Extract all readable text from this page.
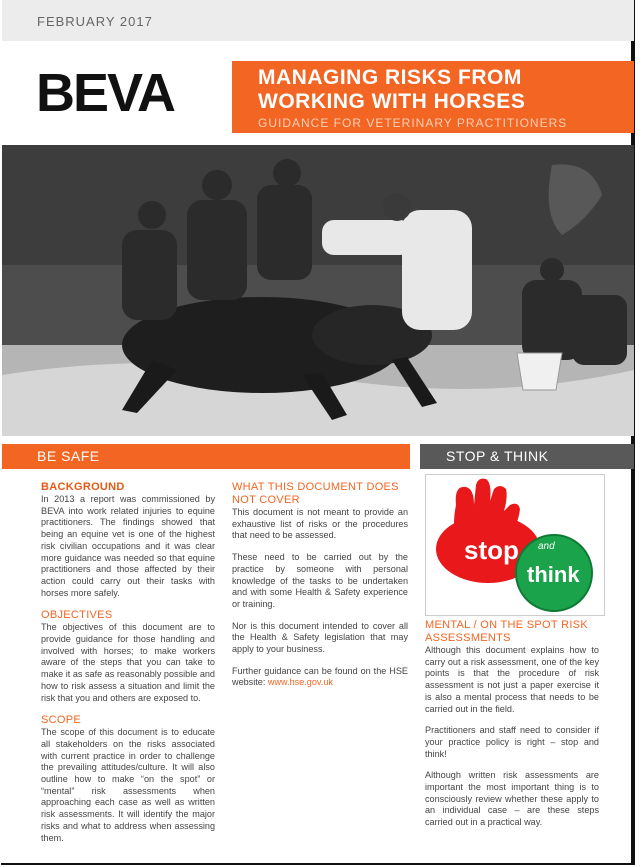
FEBRUARY 2017
BEVA	MANAGING RISKS FROM
WORKING WITH HORSES
GUIDANCE FOR VETERINARY PRACTITIONERS
BE SAFE	STOP & THINK
stop
think
and
BACKGROUND

In 2013 a report was commissioned by BEVA into work related injuries to equine practitioners. The findings showed that being an equine vet is one of the highest risk civilian occupations and it was clear more guidance was needed so that equine practitioners and those affected by their action could carry out their tasks with horses more safely.

OBJECTIVES

The objectives of this document are to provide guidance for those handling and involved with horses; to make workers aware of the steps that you can take to make it as safe as reasonably possible and how to risk assess a situation and limit the risk that you and others are exposed to.

SCOPE

The scope of this document is to educate all stakeholders on the risks associated with current practice in order to challenge the prevailing attitudes/culture. It will also outline how to make “on the spot” or “mental” risk assessments when approaching each case as well as written risk assessments. It will identify the major risks and what to address when assessing them.

WHAT THIS DOCUMENT DOES NOT COVER

This document is not meant to provide an exhaustive list of risks or the procedures that need to be assessed.

These need to be carried out by the practice by someone with personal knowledge of the tasks to be undertaken and with some Health & Safety experience or training.

Nor is this document intended to cover all the Health & Safety legislation that may apply to your business.

Further guidance can be found on the HSE website: www.hse.gov.uk

MENTAL / ON THE SPOT RISK ASSESSMENTS

Although this document explains how to carry out a risk assessment, one of the key points is that the procedure of risk assessment is not just a paper exercise it is also a mental process that needs to be carried out in the field.

Practitioners and staff need to consider if your practice policy is right – stop and think!

Although written risk assessments are important the most important thing is to consciously review whether these apply to an individual case – are these steps carried out in a practical way.
